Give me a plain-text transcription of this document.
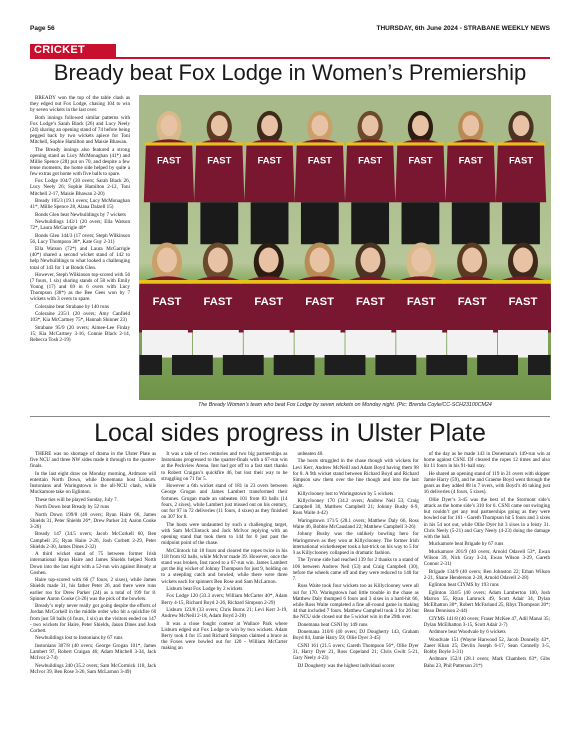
Page 56	THURSDAY, 6th June 2024 - STRABANE WEEKLY NEWS
CRICKET
Bready beat Fox Lodge in Women’s Premiership

BREADY won the top of the table clash as they edged out Fox Lodge, chasing 104 to win by seven wickets in the last over.

Both innings followed similar patterns with Fox Lodge’s Sarah Black (26) and Lucy Neely (24) sharing an opening stand of 74 before being pegged back by two wickets apiece for Toni Mitchell, Sophie Hamilton and Maisie Bhawan.

The Bready innings also featured a strong opening stand as Lucy McMonaghan (41*) and Millie Spence (28) put on 70, and despite a few tense moments, the home side helped by quite a few extras got home with five balls to spare.

Fox Lodge 104/7 (20 overs; Sarah Black 26, Lucy Neely 26; Sophie Hamilton 2-12, Toni Mitchell 2-17, Maisie Bhawan 2-20)

Bready 105/3 (19.1 overs; Lucy McMonaghan 41*, Millie Spence 28, Alana Dalzell 15)

Bonds Glen beat Newbuildings by 7 wickets

Newbuildings 143/1 (20 overs; Ella Watson 72*, Laura McGarrigle 40*

Bonds Glen 144/3 (17 overs; Steph Wilkinson 56, Lucy Thompson 38*, Kate Guy 2-31)

Ella Watson (72*) and Laura McGarrigle (40*) shared a second wicket stand of 142 to help Newbuildings to what looked a challenging total of 143 for 1 at Bonds Glen.

However, Steph Wilkinson top-scored with 56 (7 fours, 1 six) sharing stands of 58 with Emily Young (17) and 69 in 6 overs with Lucy Thompson (38*) as the Bee Gees won by 7 wickets with 3 overs to spare.

Coleraine beat Strabane by 140 runs

Coleraine 235/1 (20 overs; Amy Canfield 103*, Kia McCartney 75*, Hannah Shinner 23)

Strabane 95/9 (20 overs; Aimee-Lee Finlay 15; Kia McCartney 3-16, Connie Black 2-14, Rebecca Tosh 2-19)

FAST	FAST	FAST	FAST	FAST	FAST	FAST	FAST
FAST FAST FAST FAST FAST FAST FAST FAST
The Bready Women’s team who beat Fox Lodge by seven wickets on Monday night. (Pic: Brenda Coyle/CC-SCH23100CM24
Local sides progress in Ulster Plate

THERE was no shortage of drama in the Ulster Plate as five NCU and three NW sides made it through to the quarter-finals.

In the last eight draw on Monday morning, Ardmore will entertain North Down, while Donemana host Lisburn. Instonians and Waringstown is the all-NCU clash, while Muckamore take on Eglinton.

These ties will be played Sunday, July 7.

North Down beat Bready by 52 runs

North Down 199/8 (40 overs; Ryan Haire 66, James Shields 31, Peter Shields 26*, Drew Parker 24; Aaron Cooke 3-26)

Bready 147 (34.5 overs; Jacob McCorkell 60, Ben Campbell 25; Ryan Haire 2-26, Josh Corbett 2-29, Peter Shields 2-30, James Dines 2-32)

A third wicket stand of 75 between former Irish international Ryan Haire and James Shields helped North Down into the last eight with a 52-run win against Bready at Goshen.

Haire top-scored with 66 (7 fours, 2 sixes), while James Shields made 31, his father Peter 26, and there were runs earlier too for Drew Parker (24) as a total of 199 for 8. Spinner Aaron Cooke (3-26) was the pick of the bowlers.

Bready’s reply never really got going despite the efforts of Jordan McCorkell in the middle order who hit a quickfire 60 from just 58 balls (4 fours, 1 six) as the visitors ended on 147 - two wickets for Haire, Peter Shields, Jason Dines and Josh Corbett.

Newbuildings lost to Instonians by 67 runs

Instonians 307/8 (40 overs; George Grogan 101*, James Lambert 97, Robert Craigan 46; Adam Mitchell 3-34, Jack McIvor 2-74)

Newbuildings 240 (35.2 overs; Sam McCormick 118, Jack McIvor 39, Ben Rose 3-26, Sam McLarnon 3-49)

It was a tale of two centuries and two big partnerships as Instonians progressed to the quarter-finals with a 67-run win at the Peckview Arena. Inst had got off to a fast start thanks to Robert Craigan’s quickfire 46, but lost their way to be struggling on 71 for 5.

However a 6th wicket stand of 181 in 23 overs between George Grogan and James Lambert transformed their fortunes. Grogan made an unbeaten 101 from 83 balls (14 fours, 2 sixes), while Lambert just missed out on his century, out for 97 in 72 deliveries (11 fours, 4 sixes) as they finished on 307 for 8.

The hosts were undaunted by such a challenging target, with Sam McClintock and Jack McIvor replying with an opening stand that took them to 144 for 0 just past the midpoint point of the chase.

McClintock hit 18 fours and cleared the ropes twice in his 118 from 82 balls, while McIvor made 39. However, once the stand was broken, Inst raced to a 67-run win. James Lambert got the big wicket of Johnny Thompson for just 9, holding on to a steepling catch and bowled, while there were three wickets each for spinners Ben Rose and Sam McLarnon.

Lisburn beat Fox Lodge by 2 wickets

Fox Lodge 120 (33.3 overs; William McCarter 40*, Adam Berry 4-15, Richard Boyd 2-26, Richard Simpson 2-29)

Lisburn 123/8 (33 overs; Chris Burns 21; Levi Kerr 3-19, Andrew McNeill 2-18, Adam Boyd 2-28)

It was a close fought contest at Wallace Park where Lisburn edged out Fox Lodge to win by two wickets. Adam Berry took 4 for 15 and Richard Simpson claimed a brace as the Foxes were bowled out for 120 - William McCarter making an

unbeaten 40.

The hosts struggled in the chase though with wickets for Levi Kerr, Andrew McNeill and Adam Boyd having them 98 for 8. A 9th wicket stand between Richard Boyd and Richard Simpson saw them over the line though and into the last eight.

Killyclooney lost to Waringstown by 5 wickets

Killyclooney 170 (34.2 overs; Andrew Neil 53, Craig Campbell 30, Matthew Campbell 21; Johnny Busby 6-9, Ross Waite 4-42)

Waringstown 171/5 (28.1 overs; Matthew Daly 66, Ross Waite 46, Bobbie McCausland 22; Matthew Campbell 3-26)

Johnny Busby was the unlikely bowling hero for Waringstown as they won at Killyclooney. The former Irish international wicketkeeper took a hat-trick on his way to 5 for 9 as Killyclooney collapsed in dramatic fashion.

The Tyrone side had reached 139 for 2 thanks to a stand of 106 between Andrew Neil (53) and Craig Campbell (30), before the wheels came off and they were reduced to 140 for 7.

Ross Waite took four wickets too as Killyclooney were all out for 170. Waringstown had little trouble in the chase as Matthew Daly thumped 6 fours and 3 sixes in a hard-hit 66, while Ross Waite completed a fine all-round game in making 44 that included 7 fours. Matthew Campbell took 3 for 26 but the NCU side closed out the 5 wicket win in the 29th over.

Donemana beat CSNI by 149 runs

Donemana 310/6 (40 overs; DJ Dougherty 143, Graham Boyd 84, Jamie Harry 59; Ollie Dyer 3-45)

CSNI 161 (21.5 overs; Gareth Thompson 56*, Ollie Dyer 31, Harry Dyer 21, Ross Copeland 21; Chris Gwilt 5-21, Gary Neely 4-23)

DJ Dougherty was the highest individual scorer

of the day as he made 143 in Donemana’s 149-run win at home against CSNI. DJ cleared the ropes 12 times and also hit 11 fours in his 91-ball stay.

He shared an opening stand of 119 in 21 overs with skipper Jamie Harry (59), and he and Graeme Boyd went through the gears as they added 88 in 7 overs, with Boyd’s 46 taking just 16 deliveries (4 fours, 5 sixes).

Ollie Dyer’s 3-45 was the best of the Stormont side’s attack as the home side’s 310 for 6. CSNI came out swinging but couldn’t get any real partnerships going as they were bowled out for 161 - Gareth Thompson hit 5 fours and 3 sixes in his 54 not out, while Ollie Dyer hit 3 sixes in a feisty 31. Chris Neely (5-21) and Gary Neely (4-23) doing the damage with the ball.

Muckamore beat Brigade by 67 runs

Muckamore 201/9 (40 overs; Arnold Odavell 53*, Ewan Wilson 39, Nick Gray 3-24, Ewan Wilson 3-29, Gareth Connor 2-31)

Brigade 134/9 (40 overs; Ben Johnston 22; Ethan Wilson 2-21, Shane Henderson 2-28, Arnold Odavell 2-28)

Eglinton beat CIYMS by 193 runs

Eglinton 334/5 (40 overs; Adam Lamberton 100, Josh Marron 55, Ryan Lamrock 49, Scott Adair 34, Dylan McElhatton 30*, Robert McFarland 25, Rhys Thompson 20*; Beau Dennison 2-44)

CIYMS 141/8 (40 overs; Fraser McKee 47, Adil Manai 35; Dylan McElhatton 3-15, Scott Adair 2-7)

Ardmore beat Woodvale by 6 wickets

Woodvale 151 (Wayne Harwood 52, Jacob Donnelly 43*, Zaeer Khan 25; Devlin Joseph 6-17, Sean Connelly 3-5, Bobby Boyle 3-31)

Ardmore 152/4 (28.1 overs; Mark Chambers 63*, Gibs Bahu 23, Phil Patterson 21*)
